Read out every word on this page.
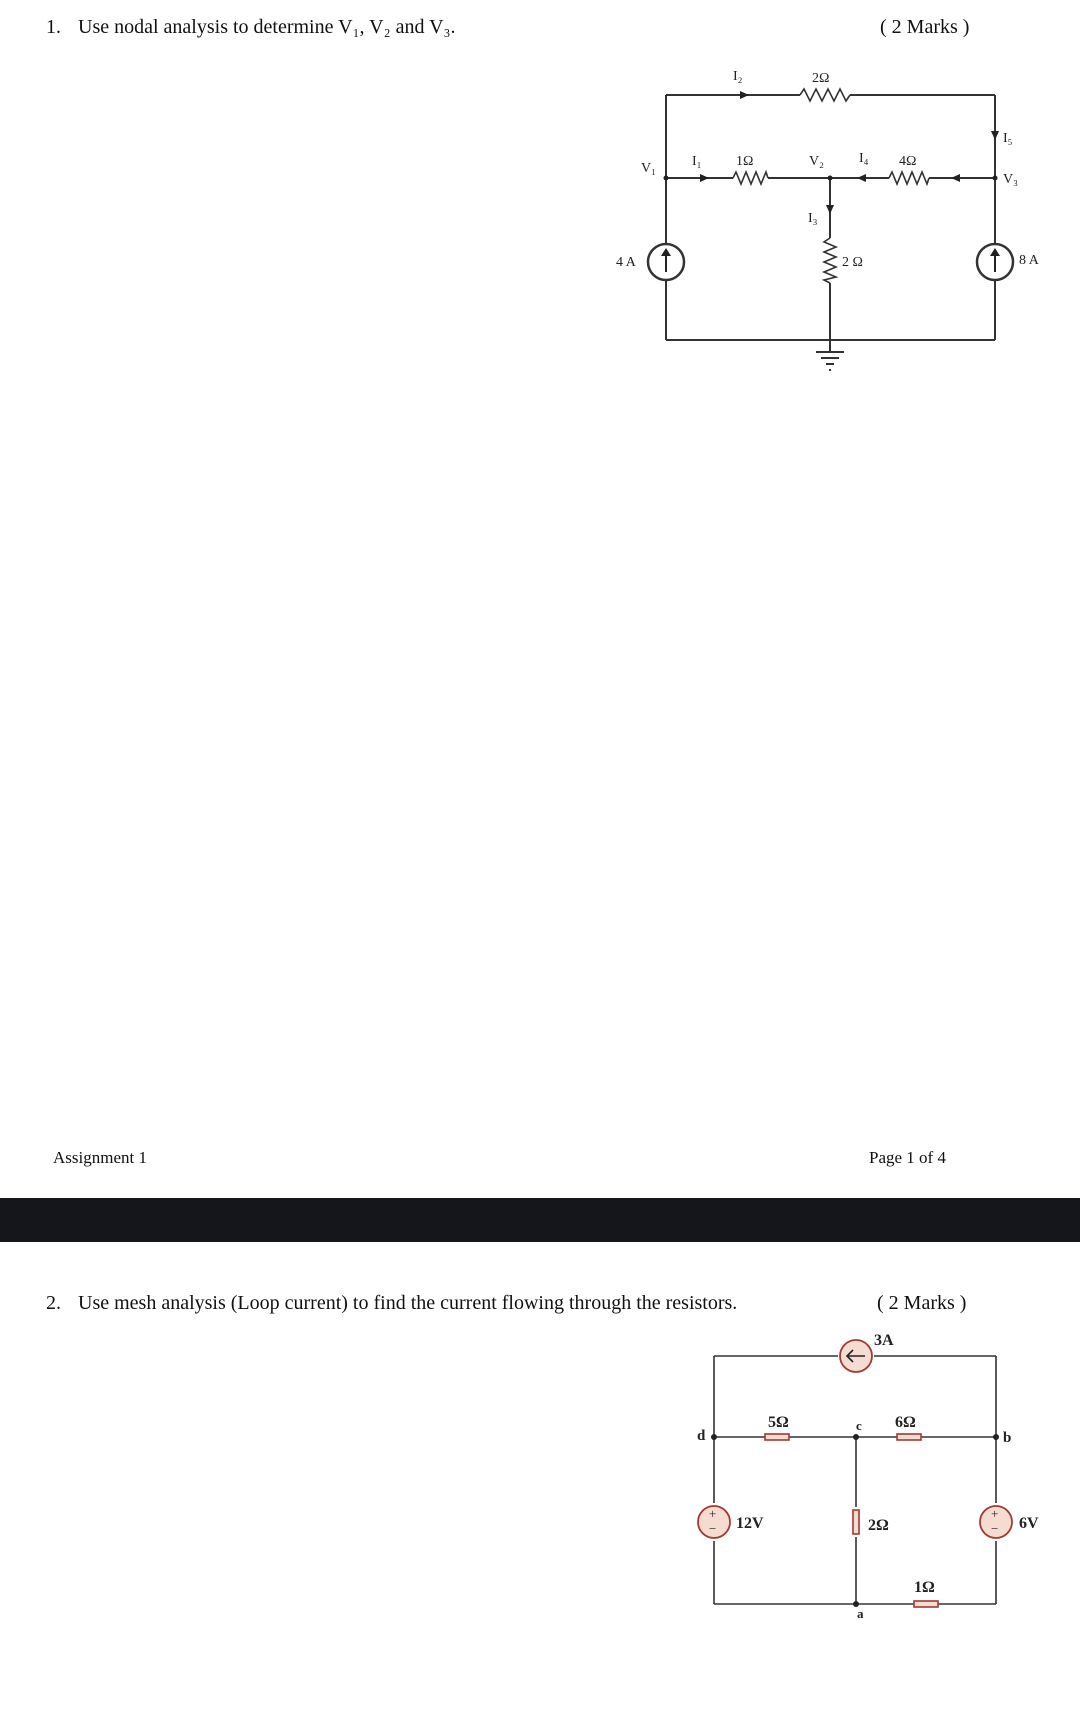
1. Use nodal analysis to determine V₁, V₂ and V₃.	( 2 Marks )
I₂	2Ω
I₅
V₁	I₁ 1Ω	V₂	I₄ 4Ω
V₃
I₃
2 Ω
4 A	8 A
Assignment 1	Page 1 of 4
2. Use mesh analysis (Loop current) to find the current flowing through the resistors.	( 2 Marks )
+
−
+
−
3A
5Ω	6Ω
d
c
b
12V	2Ω	6V
1Ω
a
